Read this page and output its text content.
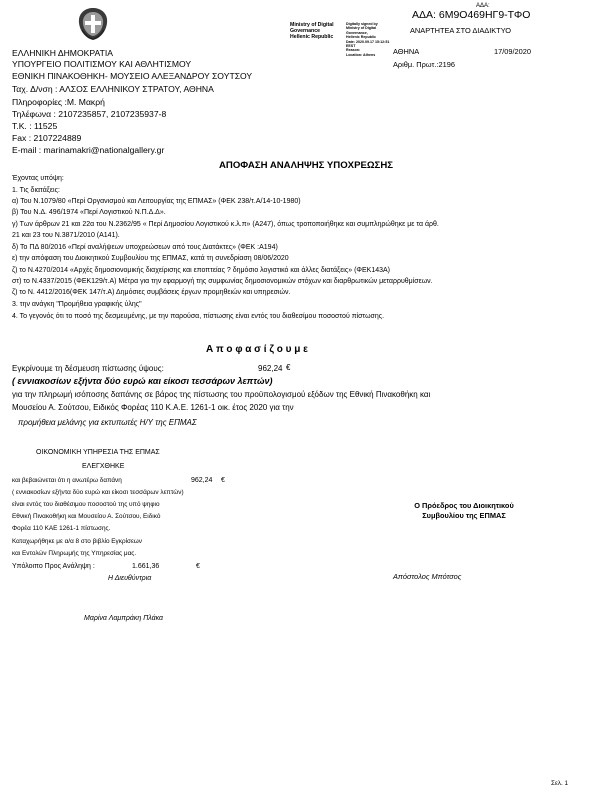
ΑΔΑ:
ΑΔΑ: 6Μ9Ο469ΗΓ9-ΤΦΟ
Ministry of Digital
Governance
Hellenic Republic
Digitally signed by
Ministry of Digital
Governance,
Hellenic Republic
Date: 2020.09.17 15:12:51
EEST
Reason:
Location: Athens
ΑΝΑΡΤΗΤΕΑ ΣΤΟ ΔΙΑΔΙΚΤΥΟ
ΑΘΗΝΑ	17/09/2020
Αριθμ. Πρωτ.:2196
ΕΛΛΗΝΙΚΗ ΔΗΜΟΚΡΑΤΙΑ
ΥΠΟΥΡΓΕΙΟ ΠΟΛΙΤΙΣΜΟΥ ΚΑΙ ΑΘΛΗΤΙΣΜΟΥ
ΕΘΝΙΚΗ ΠΙΝΑΚΟΘΗΚΗ- ΜΟΥΣΕΙΟ ΑΛΕΞΑΝΔΡΟΥ ΣΟΥΤΣΟΥ
Ταχ. Δ/νση : ΑΛΣΟΣ ΕΛΛΗΝΙΚΟΥ ΣΤΡΑΤΟΥ, ΑΘΗΝΑ
Πληροφορίες :Μ. Μακρή
Τηλέφωνα : 2107235857, 2107235937-8
Τ.Κ. : 11525
Fax : 2107224889
E-mail : marinamakri@nationalgallery.gr
ΑΠΟΦΑΣΗ ΑΝΑΛΗΨΗΣ ΥΠΟΧΡΕΩΣΗΣ
Έχοντας υπόψη:
1. Τις διατάξεις:
α) Του Ν.1079/80 «Περί Οργανισμού και Λειτουργίας της ΕΠΜΑΣ» (ΦΕΚ 238/τ.Α/14-10-1980)
β) Του Ν.Δ. 496/1974 «Περί Λογιστικού Ν.Π.Δ.Δ».
γ) Των άρθρων 21 και 22α του Ν.2362/95 « Περί Δημοσίου Λογιστικού κ.λ.π» (Α247), όπως τροποποιήθηκε και συμπληρώθηκε με τα άρθ.
21 και 23 του Ν.3871/2010 (Α141).
δ) Το ΠΔ 80/2016 «Περί αναλήψεων υποχρεώσεων από τους Διατάκτες» (ΦΕΚ :Α194)
ε) την απόφαση του Διοικητικού Συμβουλίου της ΕΠΜΑΣ, κατά τη συνεδρίαση 08/06/2020
ζ) το Ν.4270/2014 «Αρχές δημοσιονομικής διαχείρισης και εποπτείας ? δημόσιο λογιστικό και άλλες διατάξεις» (ΦΕΚ143Α)
στ) το Ν.4337/2015 (ΦΕΚ129/τ.Α) Μέτρα για την εφαρμογή της συμφωνίας δημοσιονομικών στόχων και διαρθρωτικών μεταρρυθμίσεων.
ζ) το Ν. 4412/2016(ΦΕΚ 147/τ.Α) Δημόσιες συμβάσεις έργων προμηθειών και υπηρεσιών.
3. την ανάγκη "Προμήθεια γραφικής ύλης"
4. Το γεγονός ότι το ποσό της δεσμευμένης, με την παρούσα, πίστωσης είναι εντός του διαθεσίμου ποσοστού πίστωσης.
Α π ο φ α σ ί ζ ο υ μ ε
Εγκρίνουμε τη δέσμευση πίστωσης ύψους:	962,24 €
( εννιακοσίων εξήντα δύο ευρώ και είκοσι τεσσάρων λεπτών)
για την πληρωμή ισόποσης δαπάνης σε βάρος της πίστωσης του προϋπολογισμού εξόδων της Εθνική Πινακοθήκη και
Μουσείου Α. Σούτσου, Ειδικός Φορέας 110 Κ.Α.Ε. 1261-1 οικ. έτος 2020 για την
προμήθεια μελάνης για εκτυπωτές Η/Υ της ΕΠΜΑΣ
ΟΙΚΟΝΟΜΙΚΗ ΥΠΗΡΕΣΙΑ ΤΗΣ ΕΠΜΑΣ
ΕΛΕΓΧΘΗΚΕ
και βεβαιώνεται ότι η ανωτέρω δαπάνη	962,24 €
( εννιακοσίων εξήντα δύο ευρώ και είκοσι τεσσάρων λεπτών)
είναι εντός του διαθέσιμου ποσοστού της υπό ψηφιο
Εθνική Πινακοθήκη και Μουσείου Α. Σούτσου, Ειδικό
Φορέα 110 ΚΑΕ 1261-1 πίστωσης.
Καταχωρήθηκε με α/α 8 στο βιβλίο Εγκρίσεων
και Εντολών Πληρωμής της Υπηρεσίας μας.
Υπόλοιπο Προς Ανάληψη :	1.661,36	€
Η Διευθύντρια
Μαρίνα Λαμπράκη Πλάκα
Ο Πρόεδρος του Διοικητικού
Συμβουλίου της ΕΠΜΑΣ
Απόστολος Μπότσος
Σελ. 1
